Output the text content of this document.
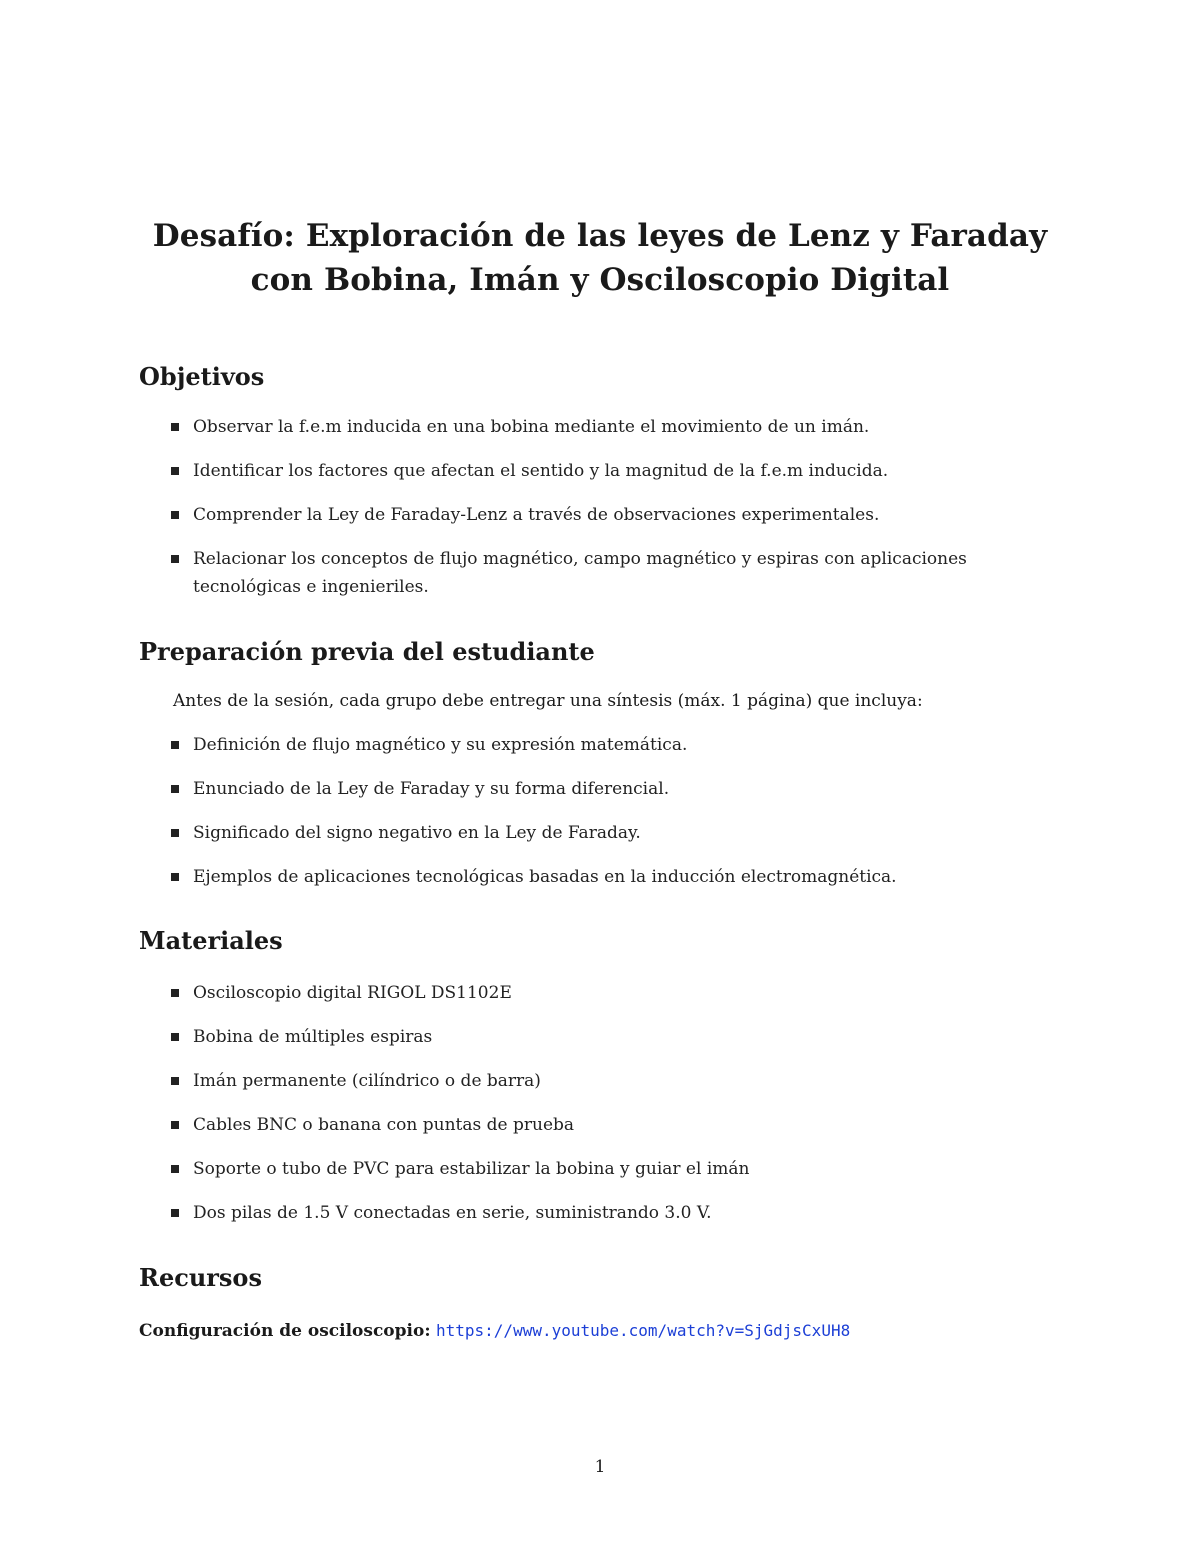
Desafío: Exploración de las leyes de Lenz y Faraday
con Bobina, Imán y Osciloscopio Digital
Objetivos
Observar la f.e.m inducida en una bobina mediante el movimiento de un imán.
Identificar los factores que afectan el sentido y la magnitud de la f.e.m inducida.
Comprender la Ley de Faraday-Lenz a través de observaciones experimentales.
Relacionar los conceptos de flujo magnético, campo magnético y espiras con aplicaciones tecnológicas e ingenieriles.
Preparación previa del estudiante
Antes de la sesión, cada grupo debe entregar una síntesis (máx. 1 página) que incluya:
Definición de flujo magnético y su expresión matemática.
Enunciado de la Ley de Faraday y su forma diferencial.
Significado del signo negativo en la Ley de Faraday.
Ejemplos de aplicaciones tecnológicas basadas en la inducción electromagnética.
Materiales
Osciloscopio digital RIGOL DS1102E
Bobina de múltiples espiras
Imán permanente (cilíndrico o de barra)
Cables BNC o banana con puntas de prueba
Soporte o tubo de PVC para estabilizar la bobina y guiar el imán
Dos pilas de 1.5 V conectadas en serie, suministrando 3.0 V.
Recursos
Configuración de osciloscopio: https://www.youtube.com/watch?v=SjGdjsCxUH8
1
